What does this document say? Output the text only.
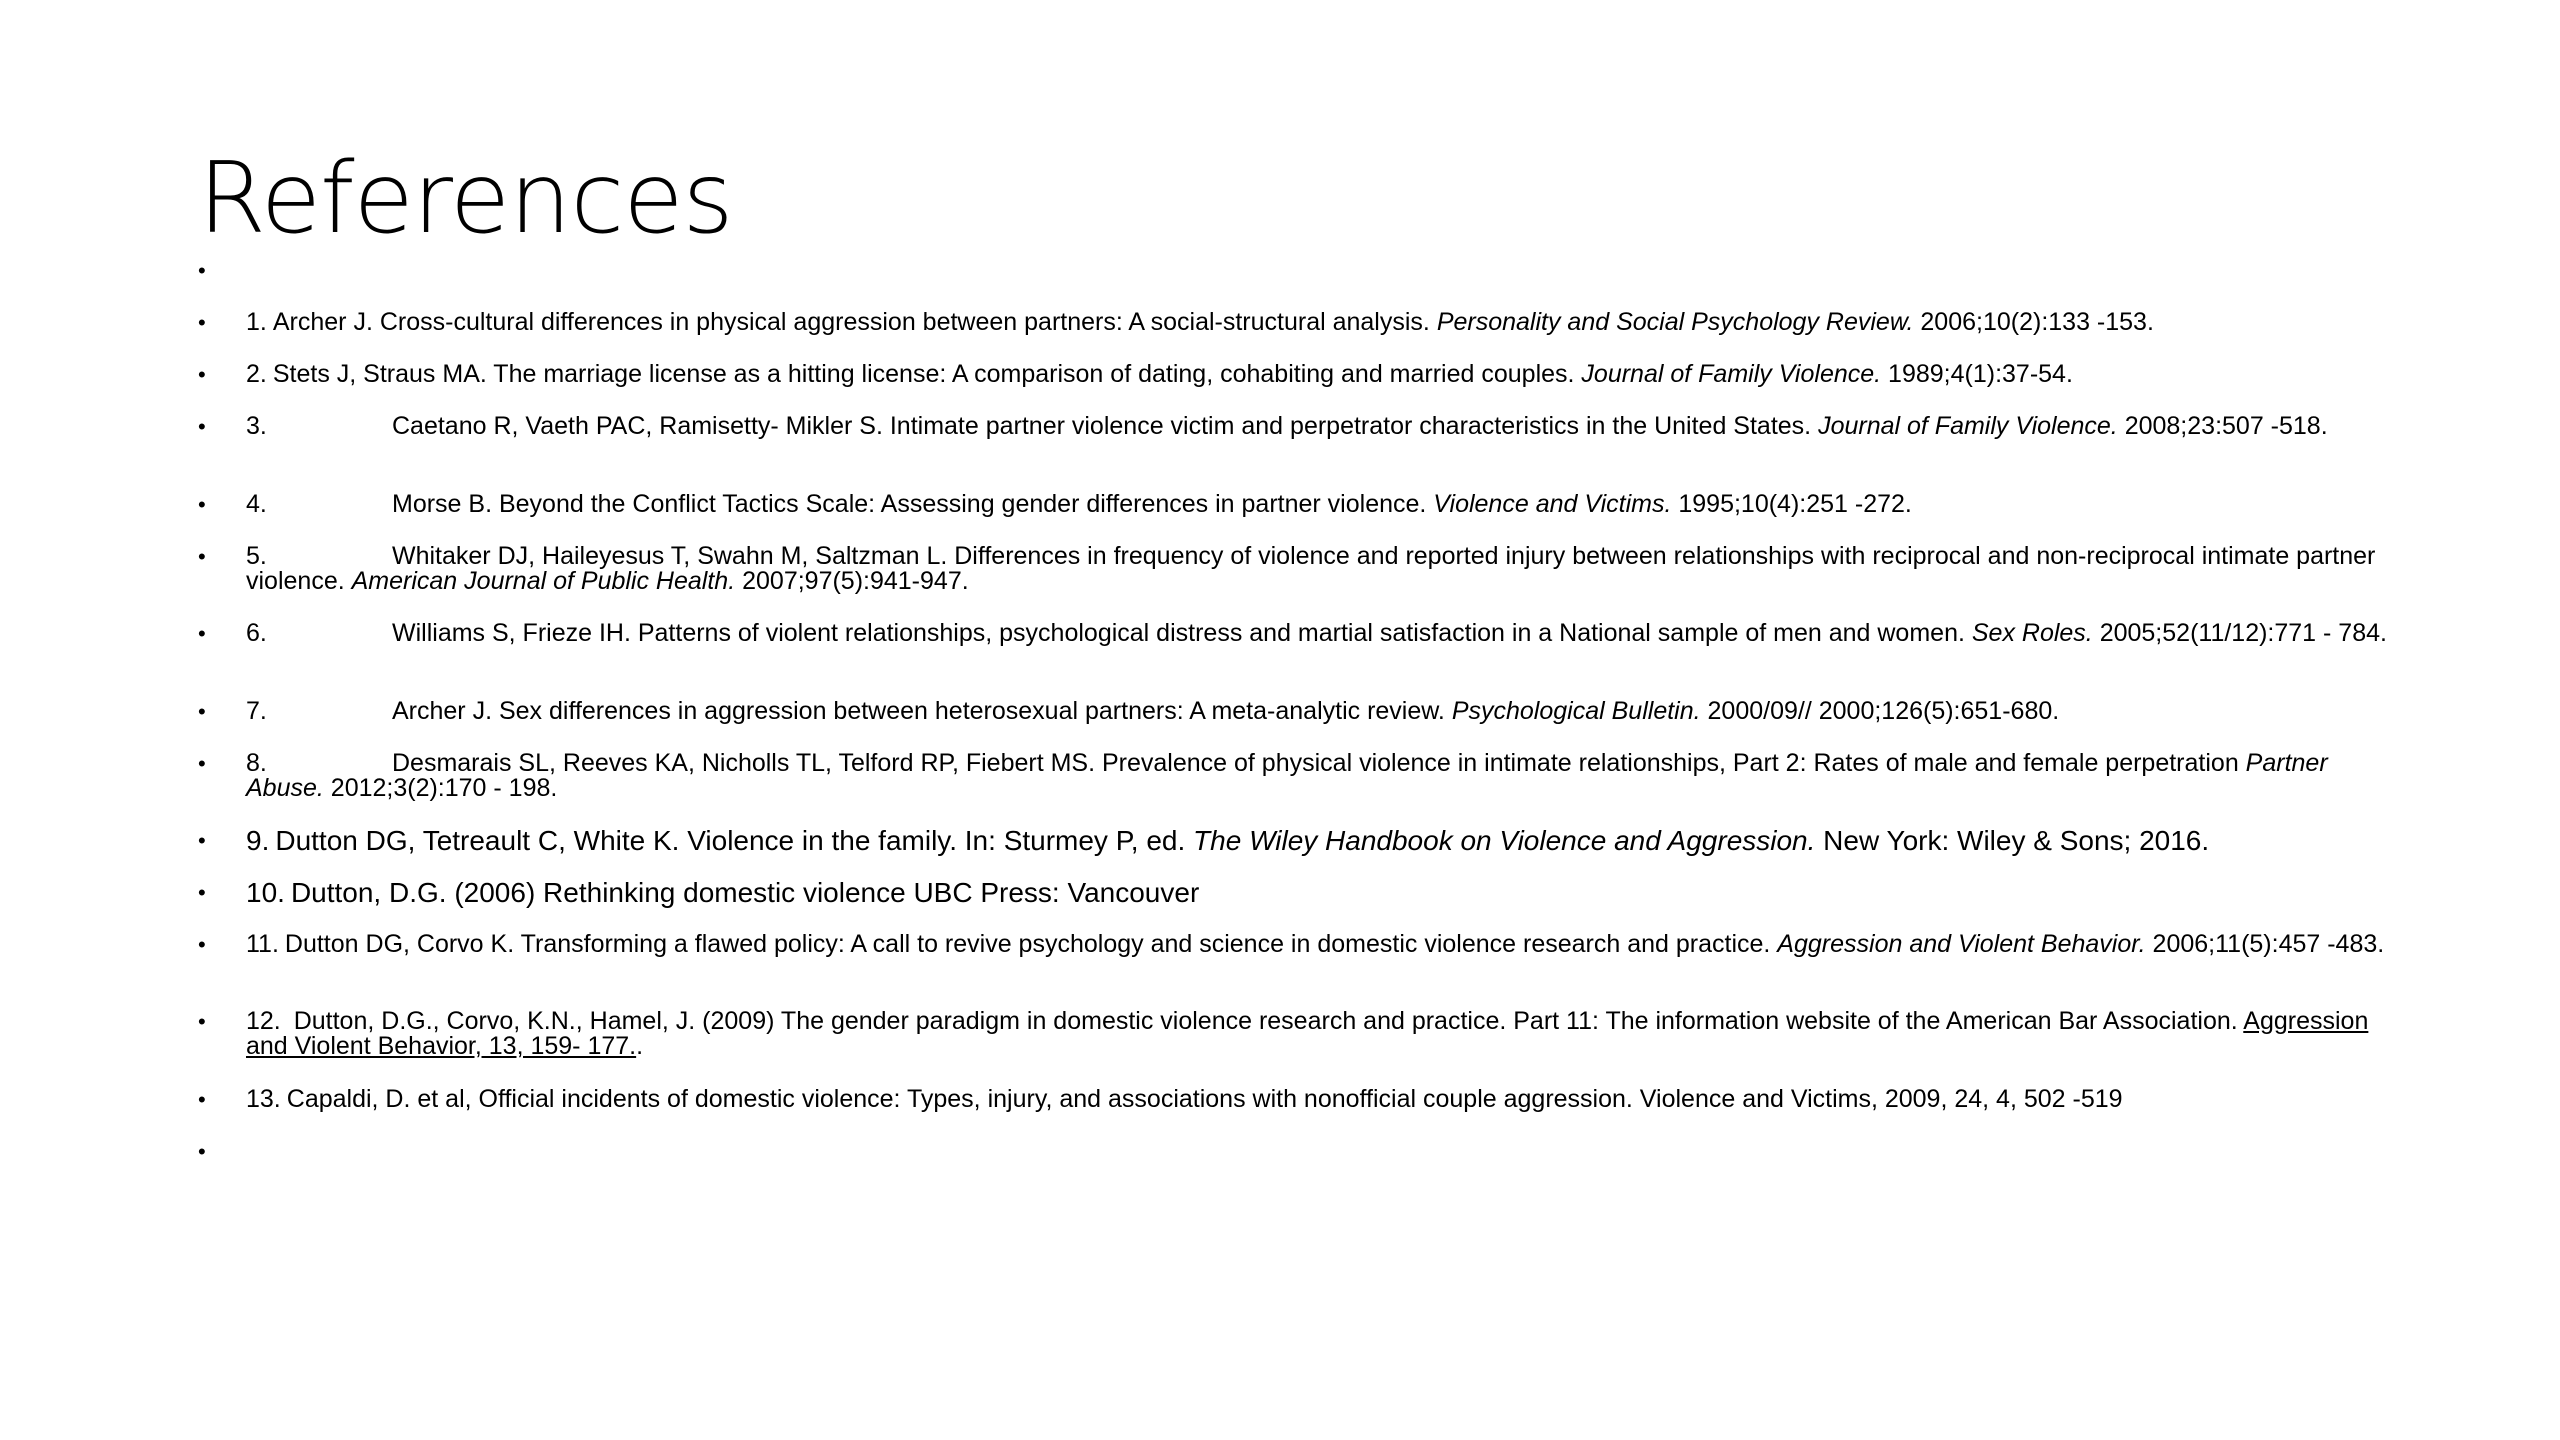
References
•
• 1. Archer J. Cross-cultural differences in physical aggression between partners: A social-structural analysis. Personality and Social Psychology Review. 2006;10(2):133 -153.
• 2. Stets J, Straus MA. The marriage license as a hitting license: A comparison of dating, cohabiting and married couples. Journal of Family Violence. 1989;4(1):37-54.
• 3.	Caetano R, Vaeth PAC, Ramisetty- Mikler S. Intimate partner violence victim and perpetrator characteristics in the United States. Journal of Family Violence. 2008;23:507 -518.
• 4.	Morse B. Beyond the Conflict Tactics Scale: Assessing gender differences in partner violence. Violence and Victims. 1995;10(4):251 -272.
• 5.	Whitaker DJ, Haileyesus T, Swahn M, Saltzman L. Differences in frequency of violence and reported injury between relationships with reciprocal and non-reciprocal intimate partner violence. American Journal of Public Health. 2007;97(5):941-947.
• 6.	Williams S, Frieze IH. Patterns of violent relationships, psychological distress and martial satisfaction in a National sample of men and women. Sex Roles. 2005;52(11/12):771 - 784.
• 7.	Archer J. Sex differences in aggression between heterosexual partners: A meta-analytic review. Psychological Bulletin. 2000/09// 2000;126(5):651-680.
• 8.	Desmarais SL, Reeves KA, Nicholls TL, Telford RP, Fiebert MS. Prevalence of physical violence in intimate relationships, Part 2: Rates of male and female perpetration Partner Abuse. 2012;3(2):170 - 198.
• 9. Dutton DG, Tetreault C, White K. Violence in the family. In: Sturmey P, ed. The Wiley Handbook on Violence and Aggression. New York: Wiley & Sons; 2016.
• 10. Dutton, D.G. (2006) Rethinking domestic violence UBC Press: Vancouver
• 11. Dutton DG, Corvo K. Transforming a flawed policy: A call to revive psychology and science in domestic violence research and practice. Aggression and Violent Behavior. 2006;11(5):457 -483.
• 12. Dutton, D.G., Corvo, K.N., Hamel, J. (2009) The gender paradigm in domestic violence research and practice. Part 11: The information website of the American Bar Association. Aggression and Violent Behavior, 13, 159- 177..
• 13. Capaldi, D. et al, Official incidents of domestic violence: Types, injury, and associations with nonofficial couple aggression. Violence and Victims, 2009, 24, 4, 502 -519
•
